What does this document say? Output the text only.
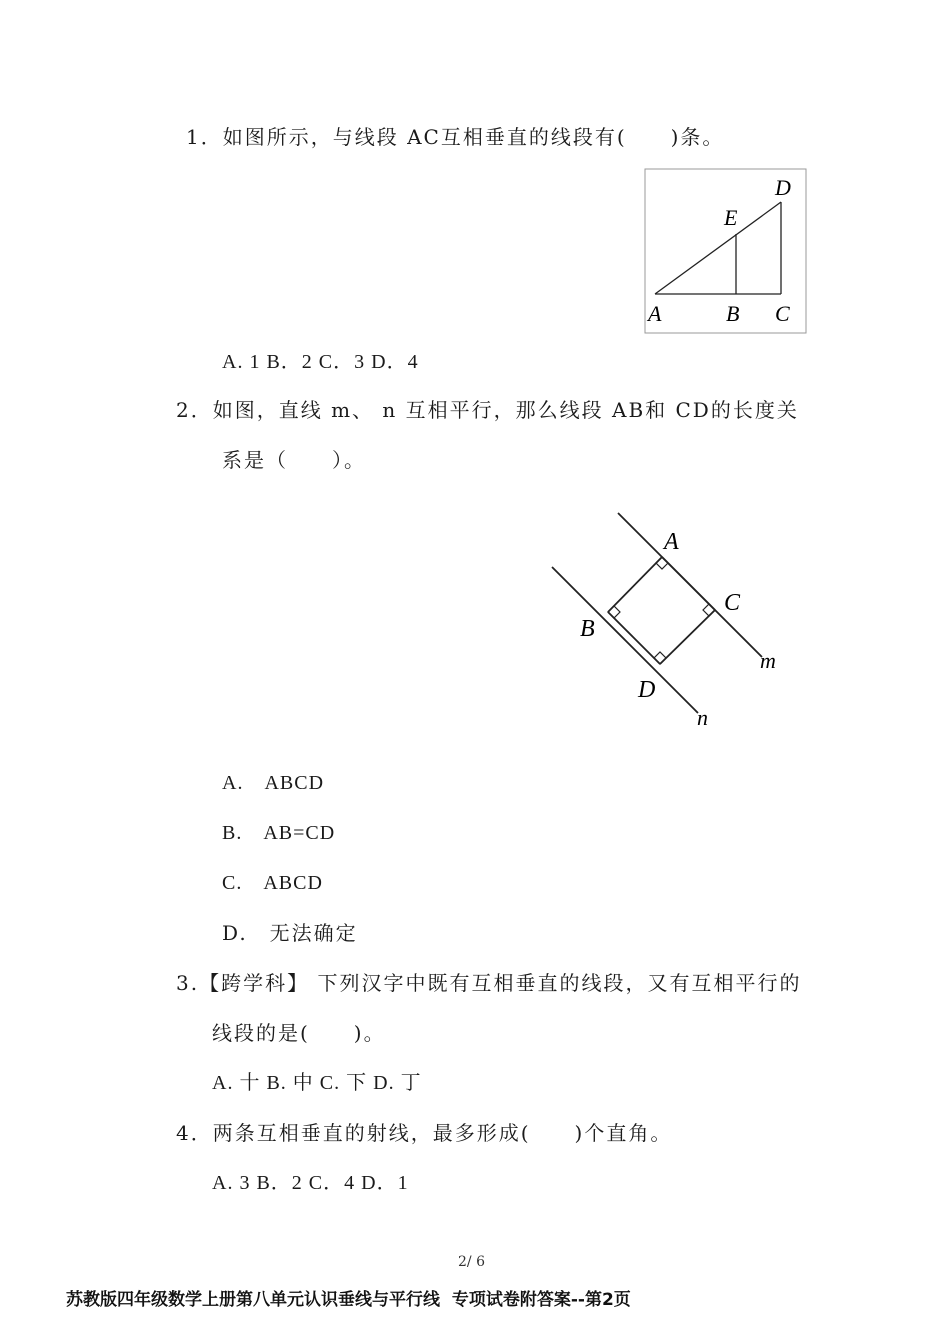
1．如图所示，与线段 AC互相垂直的线段有(　　)条。
A	B C
D
E
A. 1 B．2 C．3 D．4
2．如图，直线 m、 n 互相平行，那么线段 AB和 CD的长度关
系是（　　）。
A
B
C
D
m
n
A.　ABCD
B.　AB=CD
C.　ABCD
D.　无法确定
3.【跨学科】 下列汉字中既有互相垂直的线段，又有互相平行的
线段的是(　　)。
A. 十 B. 中 C. 下 D. 丁
4．两条互相垂直的射线，最多形成(　　)个直角。
A. 3 B．2 C．4 D．1
2/ 6
苏教版四年级数学上册第八单元认识垂线与平行线  专项试卷附答案--第2页
